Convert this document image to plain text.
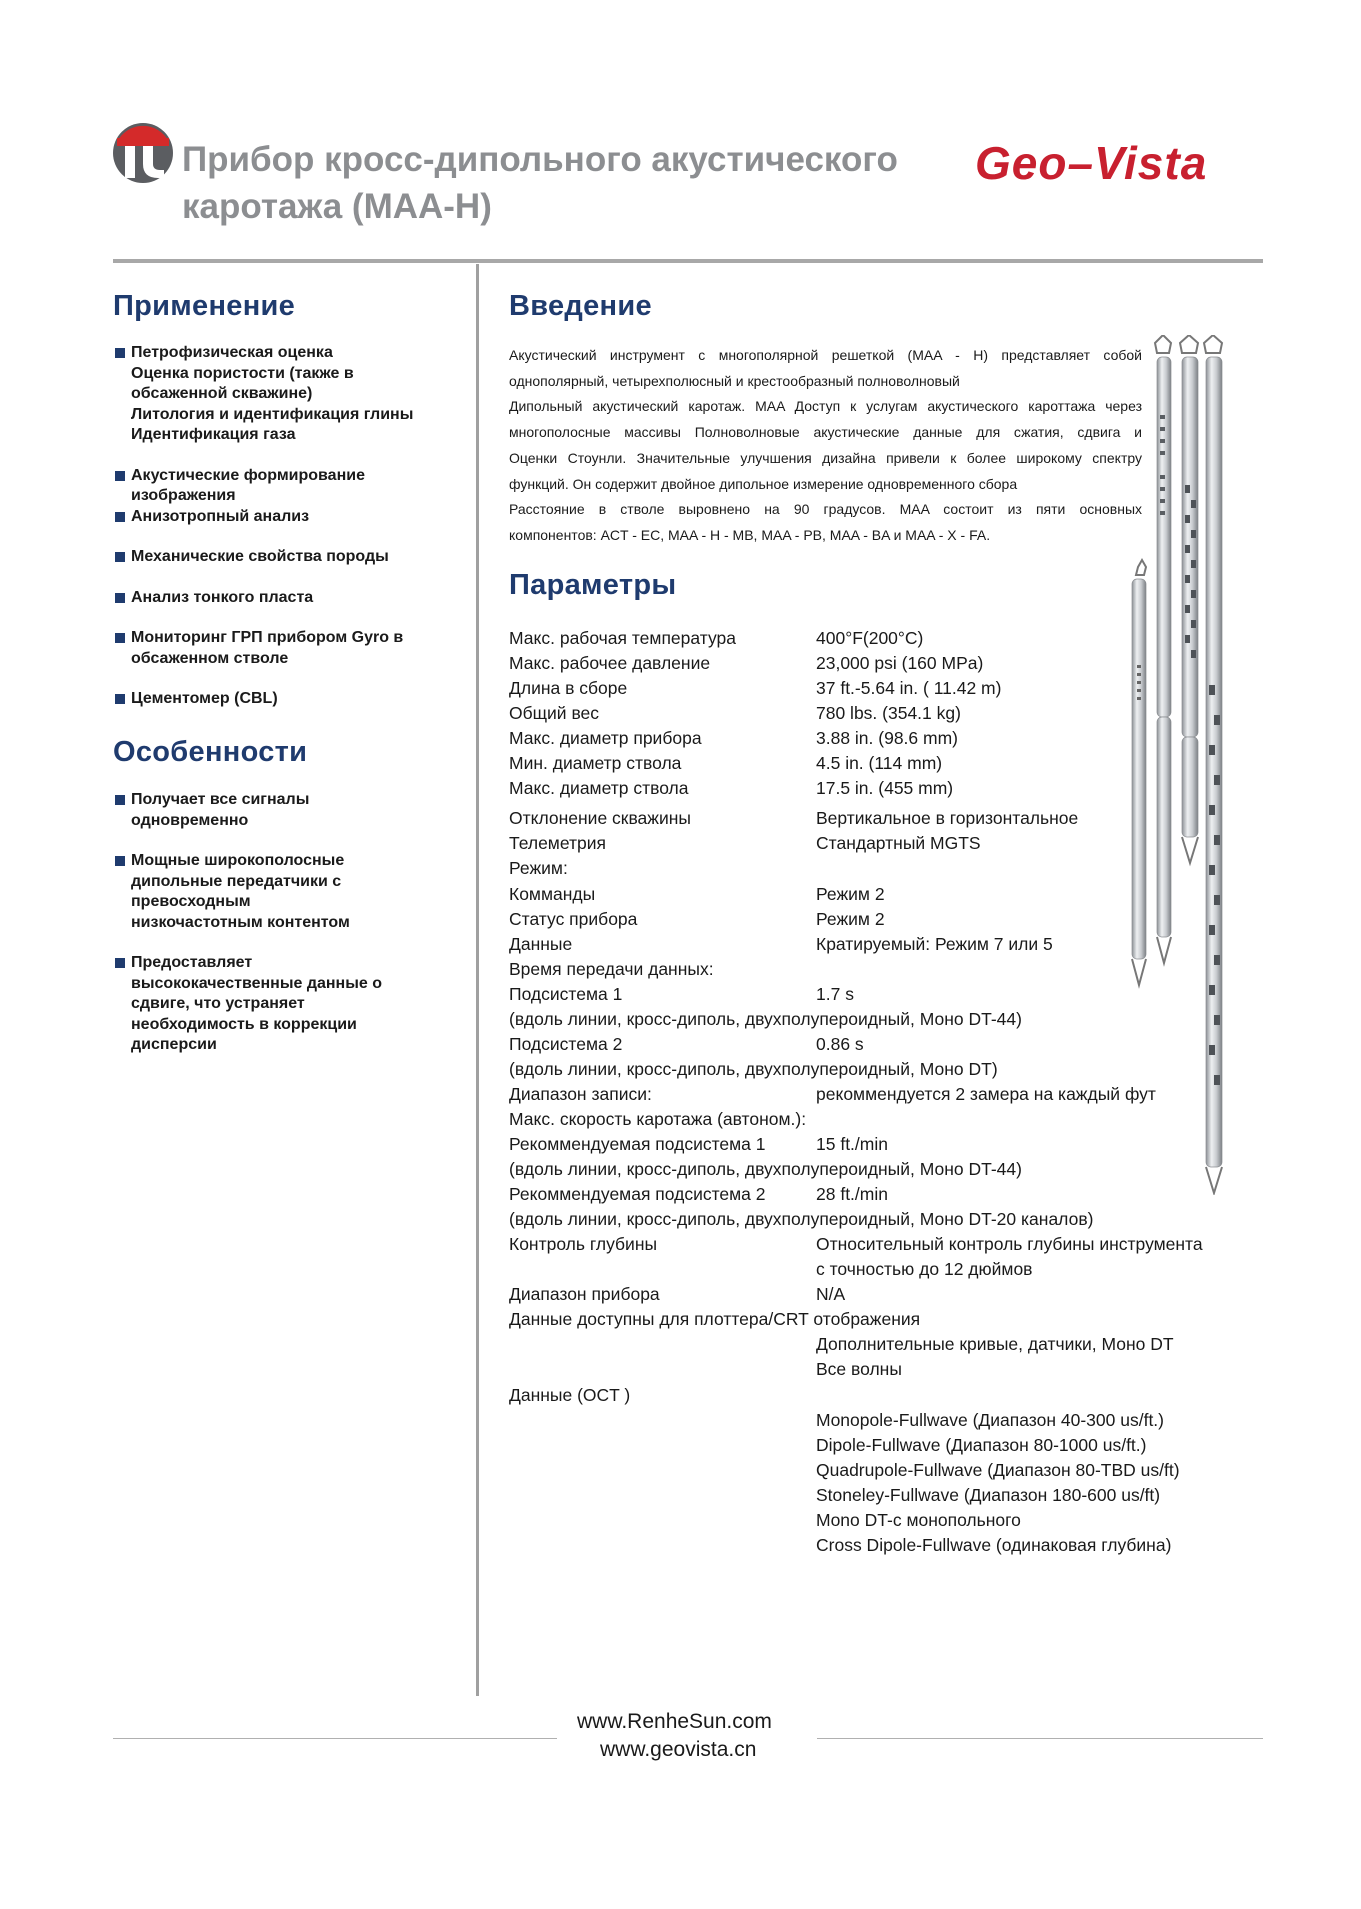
Прибор кросс-дипольного акустического
каротажа (MAA-H)
Geo–Vista
Применение
Петрофизическая оценка
Оценка пористости (также в
обсаженной скважине)
Литология и идентификация глины
Идентификация газа
Акустические формирование
изображения
Анизотропный анализ
Механические свойства породы
Анализ тонкого пласта
Мониторинг ГРП прибором Gyro в
обсаженном стволе
Цементомер (CBL)
Особенности
Получает все сигналы
одновременно
Мощные широкополосные
дипольные передатчики с
превосходным
низкочастотным контентом
Предоставляет
высококачественные данные о
сдвиге, что устраняет
необходимость в коррекции
дисперсии
Введение
Акустический инструмент с многополярной решеткой (MAA - H) представляет собой
однополярный, четырехполюсный и крестообразный полноволновый
Дипольный акустический каротаж. MAA Доступ к услугам акустического кароттажа через
многополосные массивы Полноволновые акустические данные для сжатия, сдвига и
Оценки Стоунли. Значительные улучшения дизайна привели к более широкому спектру
функций. Он содержит двойное дипольное измерение одновременного сбора
Расстояние в стволе выровнено на 90 градусов. MAA состоит из пяти основных
компонентов: ACT - EC, MAA - H - MB, MAA - PB, MAA - BA и MAA - X - FA.
Параметры
Макс. рабочая температура	400°F(200°C)
Макс. рабочее давление	23,000 psi (160 MPa)
Длина в сборе	37 ft.-5.64 in. ( 11.42 m)
Общий вес	780 lbs. (354.1 kg)
Макс. диаметр прибора	3.88 in. (98.6 mm)
Мин. диаметр ствола	4.5 in. (114 mm)
Макс. диаметр ствола	17.5 in. (455 mm)
Отклонение скважины	Вертикальное в горизонтальное
Телеметрия	Стандартный MGTS
Режим:
Комманды	Режим 2
Статус прибора	Режим 2
Данные	Кратируемый: Режим 7 или 5
Время передачи данных:
Подсистема 1	1.7 s
(вдоль линии, кросс-диполь, двухполупероидный, Моно DT-44)
Подсистема 2	0.86 s
(вдоль линии, кросс-диполь, двухполупероидный, Моно DT)
Диапазон записи:	рекоммендуется 2 замера на каждый фут
Макс. скорость каротажа (автоном.):
Рекоммендуемая подсистема 1	15 ft./min
(вдоль линии, кросс-диполь, двухполупероидный, Моно DT-44)
Рекоммендуемая подсистема 2	28 ft./min
(вдоль линии, кросс-диполь, двухполупероидный, Моно DT-20 каналов)
Контроль глубины	Относительный контроль глубины инструмента
с точностью до 12 дюймов
Диапазон прибора	N/A
Данные доступны для плоттера/CRT отображения
Дополнительные кривые, датчики, Моно DT
Все волны
Данные (OCT )
Monopole-Fullwave (Диапазон 40-300 us/ft.)
Dipole-Fullwave (Диапазон 80-1000 us/ft.)
Quadrupole-Fullwave (Диапазон 80-TBD us/ft)
Stoneley-Fullwave (Диапазон 180-600 us/ft)
Mono DT-с монопольного
Cross Dipole-Fullwave (одинаковая глубина)
www.RenheSun.com
www.geovista.cn
